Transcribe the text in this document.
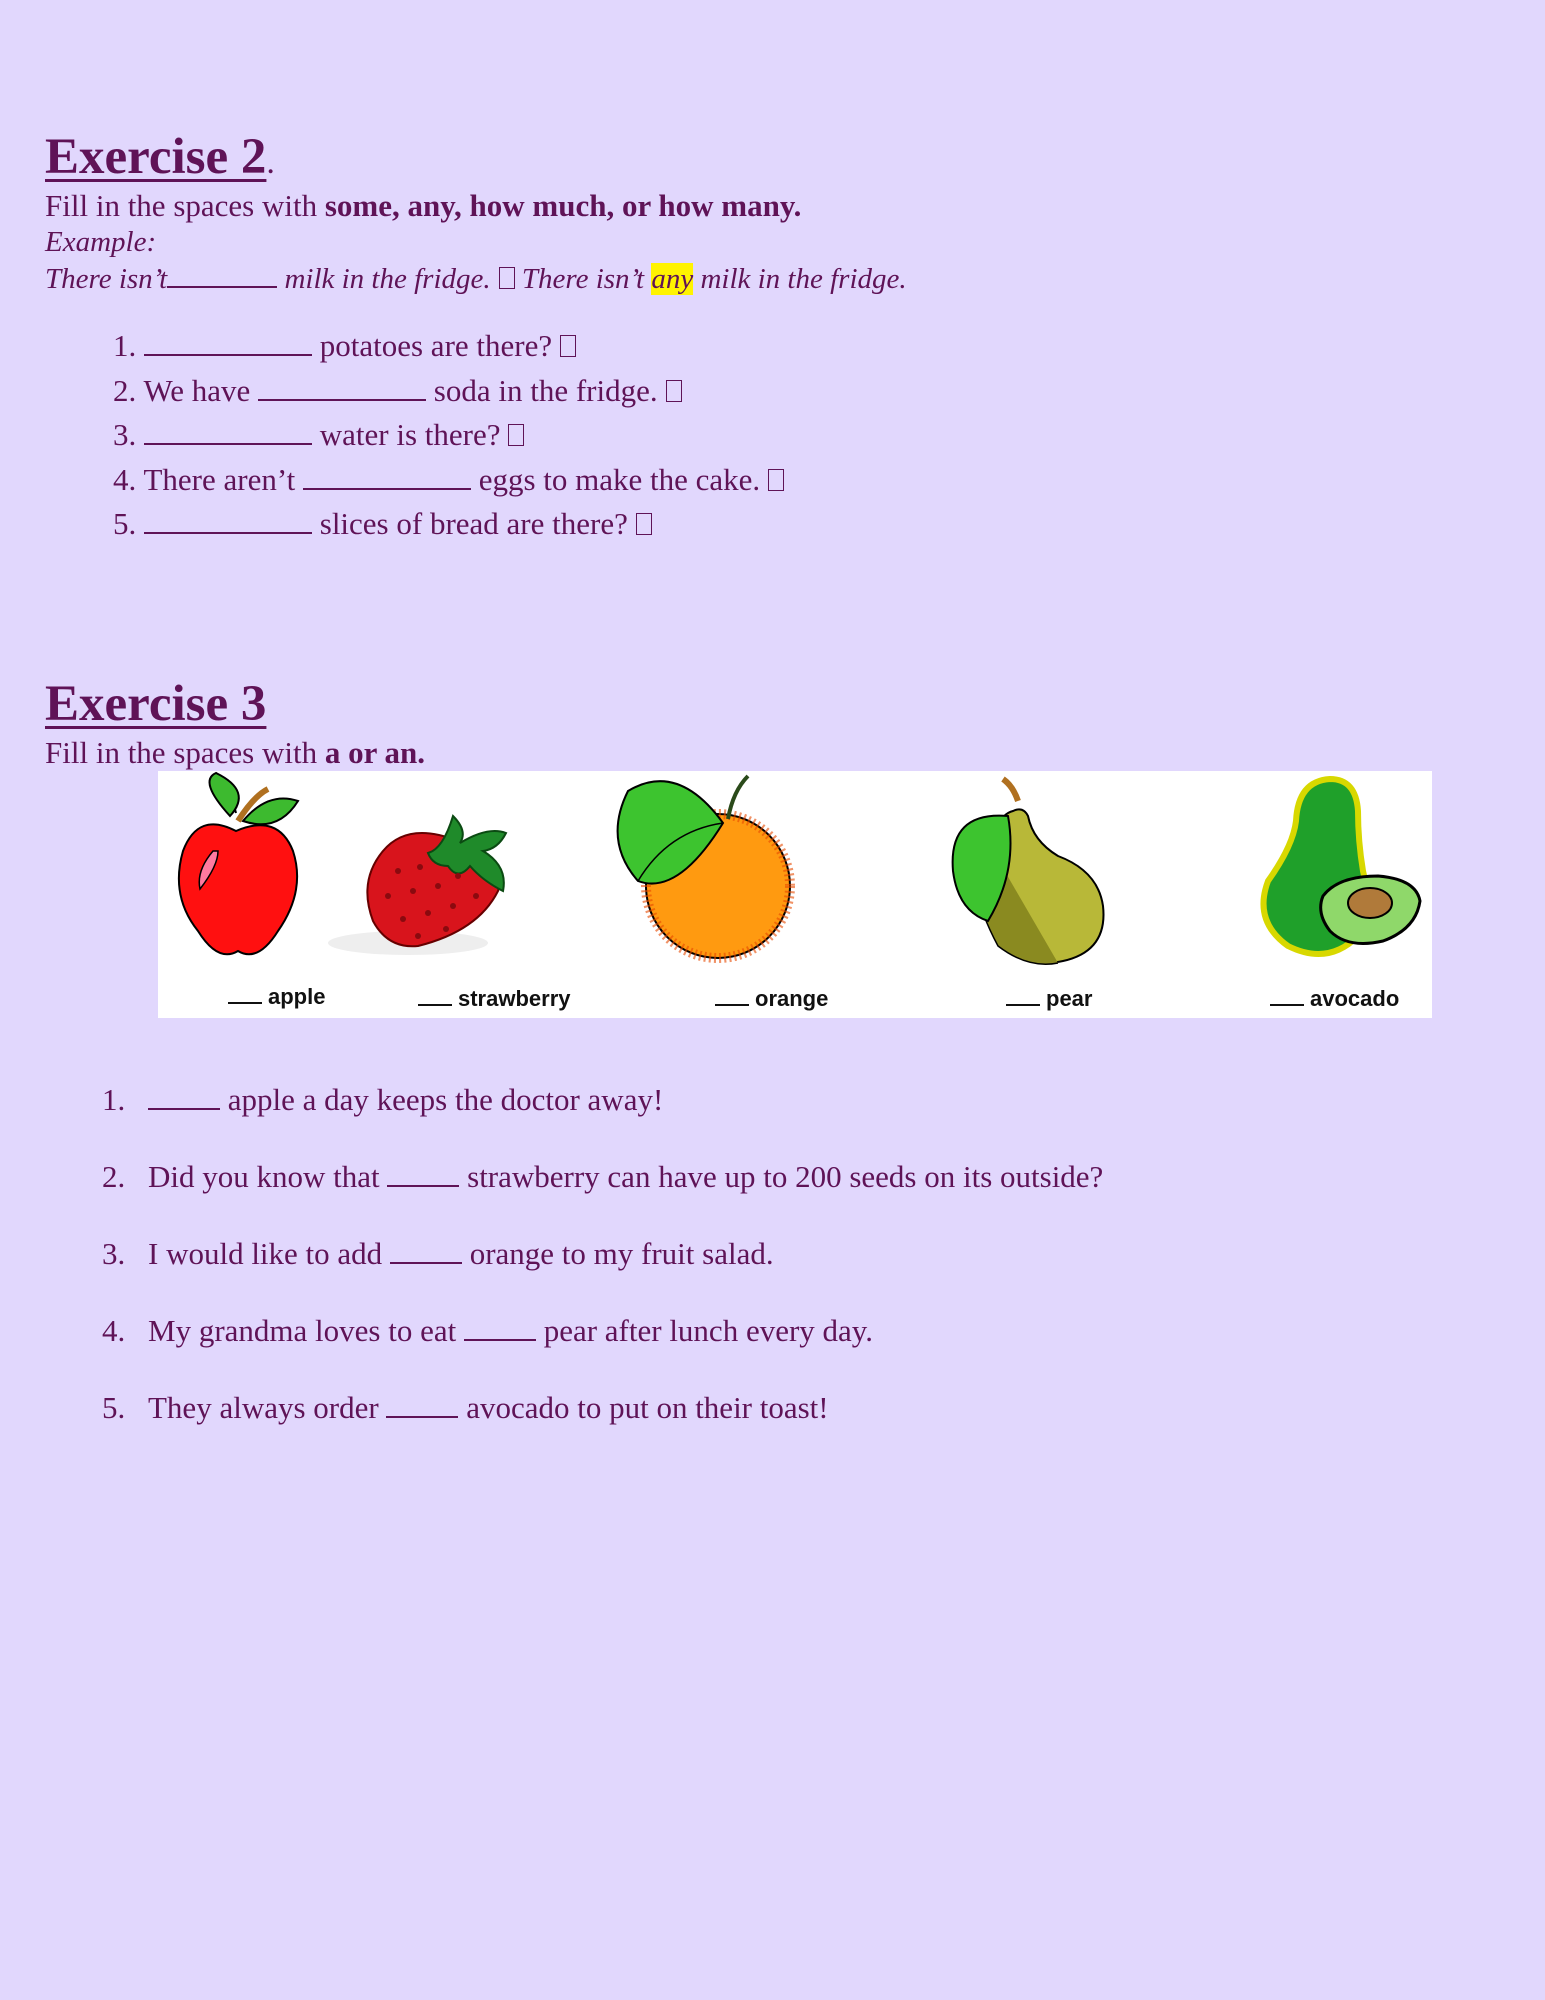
Exercise 2.
Fill in the spaces with some, any, how much, or how many.
Example:
There isn’t	milk in the fridge. There isn’t any milk in the fridge.
1.	potatoes are there?
2. We have	soda in the fridge.
3.	water is there?
4. There aren’t	eggs to make the cake.
5.	slices of bread are there?
Exercise 3
Fill in the spaces with a or an.
apple	strawberry	orange	pear	avocado
1.	apple a day keeps the doctor away!
2. Did you know that  strawberry can have up to 200 seeds on its outside?
3. I would like to add  orange to my fruit salad.
4. My grandma loves to eat  pear after lunch every day.
5. They always order  avocado to put on their toast!
